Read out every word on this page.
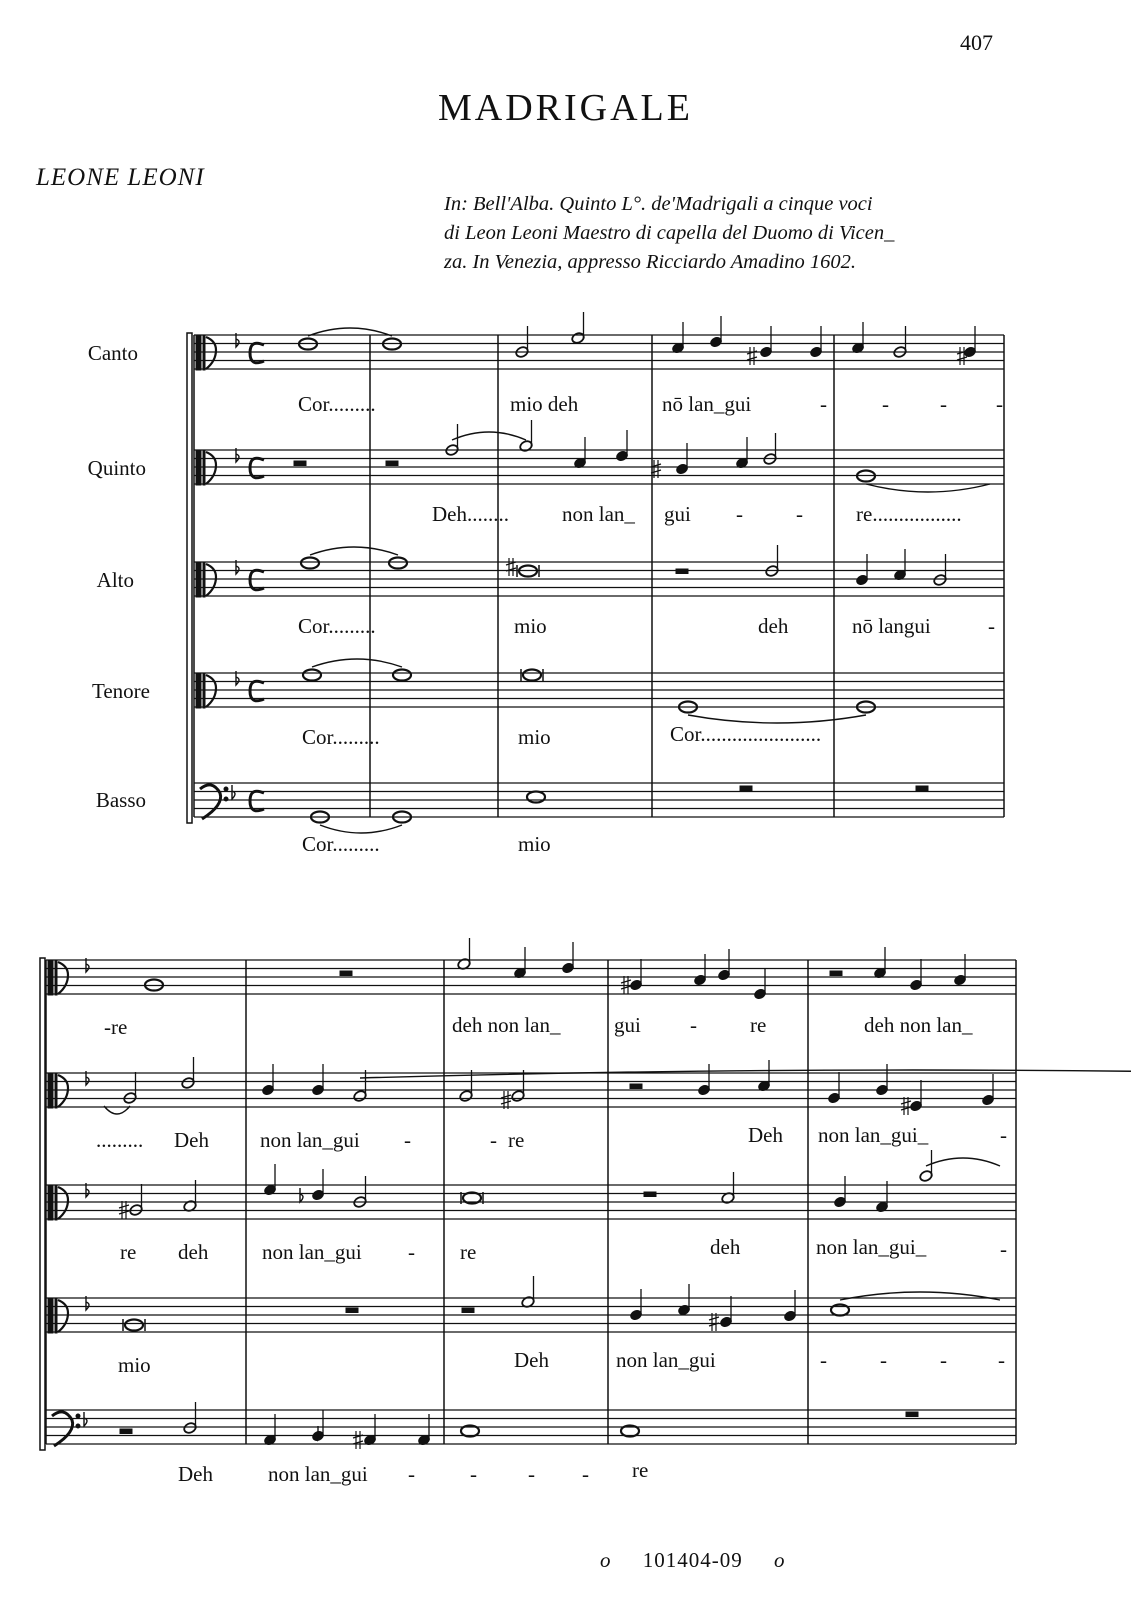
407
MADRIGALE
LEONE LEONI
In: Bell'Alba. Quinto L°. de'Madrigali a cinque voci
di Leon Leoni Maestro di capella del Duomo di Vicen_
za. In Venezia, appresso Ricciardo Amadino 1602.
Canto
Quinto
Alto
Tenore
Basso
Cor.........	mio deh	nō lan_gui	-	- - -
Deh........	non lan_ gui -	-	re.................
Cor.........	mio	deh	nō langui	-
Cor.........	mio	Cor.......................
Cor.........	mio
-re	deh non lan_	gui -	re	deh non lan_
......... Deh non lan_gui -	- re	Deh non lan_gui_	-
re deh	non lan_gui - re	deh	non lan_gui_	-
mio	Deh	non lan_gui	-	-	- -
Deh	non lan_gui -	- - - re
o 101404-09 o
